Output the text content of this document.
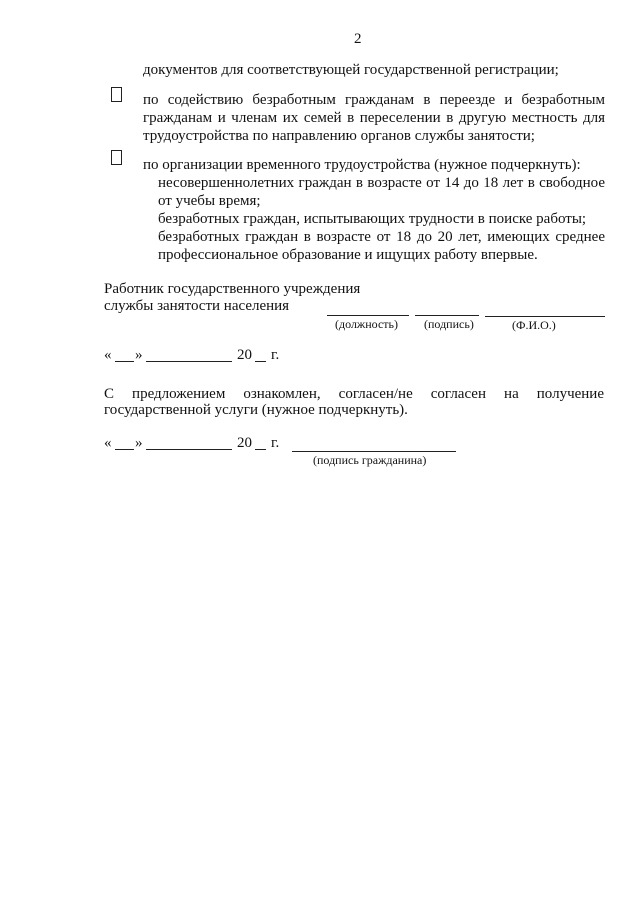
2
документов для соответствующей государственной регистрации;
по содействию безработным гражданам в переезде и безработным
гражданам и членам их семей в переселении в другую местность для
трудоустройства по направлению органов службы занятости;
по организации временного трудоустройства (нужное подчеркнуть):
несовершеннолетних граждан в возрасте от 14 до 18 лет в свободное
от учебы время;
безработных граждан, испытывающих трудности в поиске работы;
безработных граждан в возрасте от 18 до 20 лет, имеющих среднее
профессиональное образование и ищущих работу впервые.
Работник государственного учреждения
службы занятости населения
(должность) (подпись)	(Ф.И.О.)
« »	20 г.
С предложением ознакомлен, согласен/не согласен на получение
государственной услуги (нужное подчеркнуть).
« »	20 г.
(подпись гражданина)
